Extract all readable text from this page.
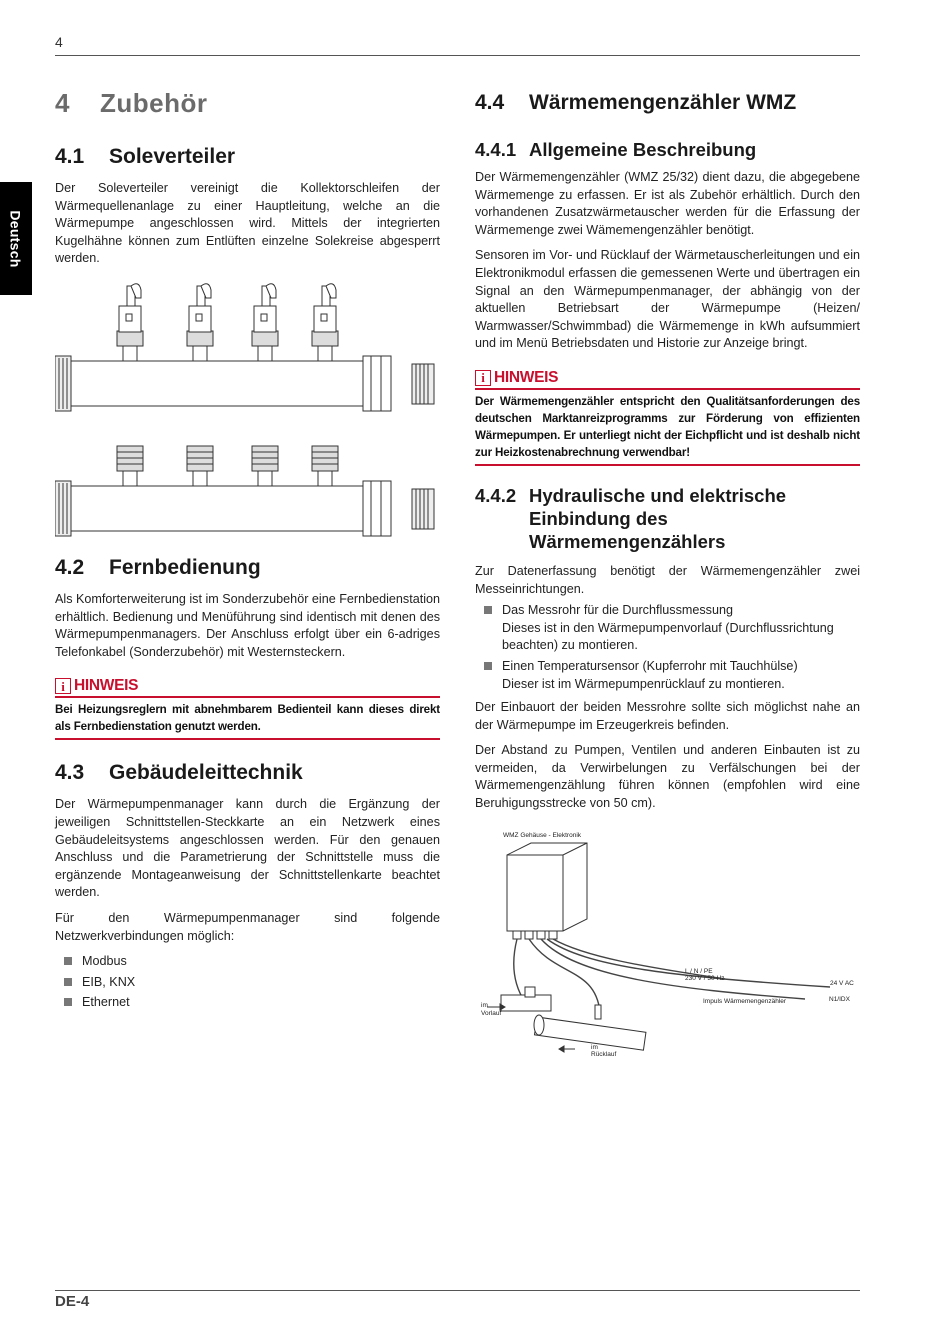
4
Deutsch
DE-4
4 Zubehör
4.1 Soleverteiler

Der Soleverteiler vereinigt die Kollektorschleifen der Wärmequellenanlage zu einer Hauptleitung, welche an die Wärmepumpe angeschlossen wird. Mittels der integrierten Kugelhähne können zum Entlüften einzelne Solekreise abgesperrt werden.

4.2 Fernbedienung

Als Komforterweiterung ist im Sonderzubehör eine Fernbedienstation erhältlich. Bedienung und Menüführung sind identisch mit denen des Wärmepumpenmanagers. Der Anschluss erfolgt über ein 6-adriges Telefonkabel (Sonderzubehör) mit Westernsteckern.

i HINWEIS
Bei Heizungsreglern mit abnehmbarem Bedienteil kann dieses direkt als Fernbedienstation genutzt werden.
4.3 Gebäudeleittechnik

Der Wärmepumpenmanager kann durch die Ergänzung der jeweiligen Schnittstellen-Steckkarte an ein Netzwerk eines Gebäudeleitsystems angeschlossen werden. Für den genauen Anschluss und die Parametrierung der Schnittstelle muss die ergänzende Montageanweisung der Schnittstellenkarte beachtet werden.

Für den Wärmepumpenmanager sind folgende Netzwerkverbindungen möglich:

Modbus
EIB, KNX
Ethernet
4.4 Wärmemengenzähler WMZ
4.4.1 Allgemeine Beschreibung

Der Wärmemengenzähler (WMZ 25/32) dient dazu, die abgegebene Wärmemenge zu erfassen. Er ist als Zubehör erhältlich. Durch den vorhandenen Zusatzwärmetauscher werden für die Erfassung der Wärmemenge zwei Wämemengenzähler benötigt.

Sensoren im Vor- und Rücklauf der Wärmetauscherleitungen und ein Elektronikmodul erfassen die gemessenen Werte und übertragen ein Signal an den Wärmepumpenmanager, der abhängig von der aktuellen Betriebsart der Wärmepumpe (Heizen/ Warmwasser/Schwimmbad) die Wärmemenge in kWh aufsummiert und im Menü Betriebsdaten und Historie zur Anzeige bringt.

i HINWEIS
Der Wärmemengenzähler entspricht den Qualitätsanforderungen des deutschen Marktanreizprogramms zur Förderung von effizienten Wärmepumpen. Er unterliegt nicht der Eichpflicht und ist deshalb nicht zur Heizkostenabrechnung verwendbar!
4.4.2 Hydraulische und elektrische Einbindung des Wärmemengenzählers

Zur Datenerfassung benötigt der Wärmemengenzähler zwei Messeinrichtungen.

Das Messrohr für die Durchflussmessung
Dieses ist in den Wärmepumpenvorlauf (Durchflussrichtung beachten) zu montieren.
Einen Temperatursensor (Kupferrohr mit Tauchhülse)
Dieser ist im Wärmepumpenrücklauf zu montieren.

Der Einbauort der beiden Messrohre sollte sich möglichst nahe an der Wärmepumpe im Erzeugerkreis befinden.

Der Abstand zu Pumpen, Ventilen und anderen Einbauten ist zu vermeiden, da Verwirbelungen zu Verfälschungen bei der Wärmemengenzählung führen können (empfohlen wird eine Beruhigungsstrecke von 50 cm).

WMZ Gehäuse - Elektronik
L / N / PE
230 V / 50 Hz
24 V AC
Impuls Wärmemengenzähler	N1/IDX
im
Vorlauf
im
Rücklauf
